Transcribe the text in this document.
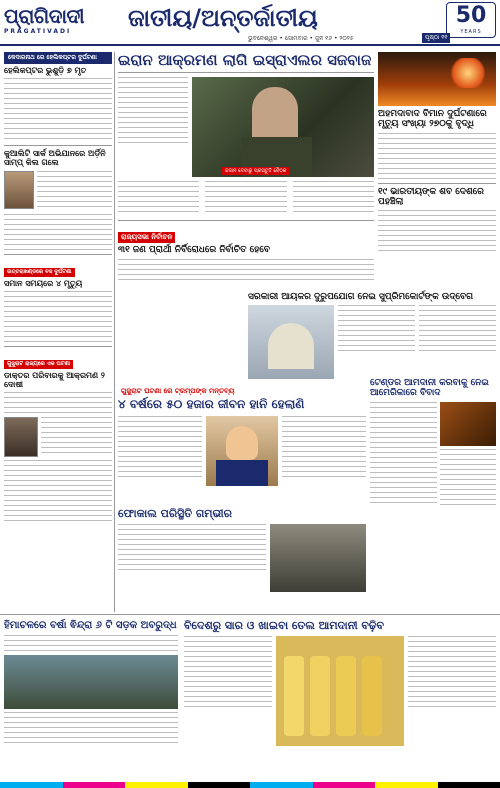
ପ୍ରାଗିଦାଦୀ
PRAGATIVADI	ଜାତୀୟ/ଅନ୍ତର୍ଜାତୀୟ	50
YEARS
ଭୁବନେଶ୍ୱର • ସୋମବାର • ଜୁନ ୧୬ • ୨୦୨୫	ପୃଷ୍ଠା ୧୧
କେଦାରନାଥ ରେ ହେଲିକପ୍ଟର ଦୁର୍ଘଟଣା
ହେଲିକପ୍ଟର ଭୁଶୁଡ଼ି ୭ ମୃତ
କୁଆଲିଟି ସାର୍କ ଅଭିଯାନରେ ଅର୍ଡ଼ିନି ସାମ୍ପ୍ କିଲ ଗଲେ
ଉତ୍ତରାଖଣ୍ଡରେ ବସ ଦୁର୍ଘଟଣା
ସମାନ ସମୟରେ ୪ ମୃତ୍ୟୁ
ଗୁଜୁରାଟ ରାଜ୍ୟରେ ଏକ ଘଟଣା
ଡାକ୍ତର ପରିବାରକୁ ଆକ୍ରମଣ ୨ ଦୋଷୀ
ଇରାନ ଆକ୍ରମଣ ଲାଗି ଇସ୍ରାଏଲର ସଜବାଜ
ଜଜାନ ଦେବାରୁ ପ୍ରସ୍ତୁତି ବୈଠକ
ରାଜ୍ୟସଭା ନିର୍ବାଚନ
୩୧ ଜଣ ପ୍ରାର୍ଥୀ ନିର୍ବିରୋଧରେ ନିର୍ବାଚିତ ହେବେ
ଅହମଦାବାଦ ବିମାନ ଦୁର୍ଘଟଣାରେ ମୃତ୍ୟୁ ସଂଖ୍ୟା ୨୭୦କୁ ବୃଦ୍ଧି
୧୯ ଭାରତୀୟଙ୍କ ଶବ ଦେଶରେ ପହଞ୍ଚିଲା
ସରକାରୀ ଆୟକର ଦୁରୁପଯୋଗ ନେଇ ସୁପ୍ରିମକୋର୍ଟଙ୍କ ଉଦ୍ବେଗ
ଗୁଜୁରାଟ ଘଟଣା ରେ ଟ୍ରମ୍ପଙ୍କ ମନ୍ତବ୍ୟ
୪ ବର୍ଷରେ ୫୦ ହଜାର ଜୀବନ ହାନି ହେଲାଣି
ଟେଣ୍ଡର ଆମଦାନୀ କରବାକୁ ନେଇ ଆମେରିକାରେ ବିବାଦ
ଫୋକାଲ ପରିସ୍ଥିତି ଗମ୍ଭୀର
ହିମାଚଳରେ ବର୍ଷା ଵିନ୍ଦ୍ରା ୬ ଟି ସଡ଼କ ଅବରୁଦ୍ଧ ବିଦେଶରୁ ସାର ଓ ଖାଇବା ତେଲ ଆମଦାନୀ ବଢ଼ିବ
